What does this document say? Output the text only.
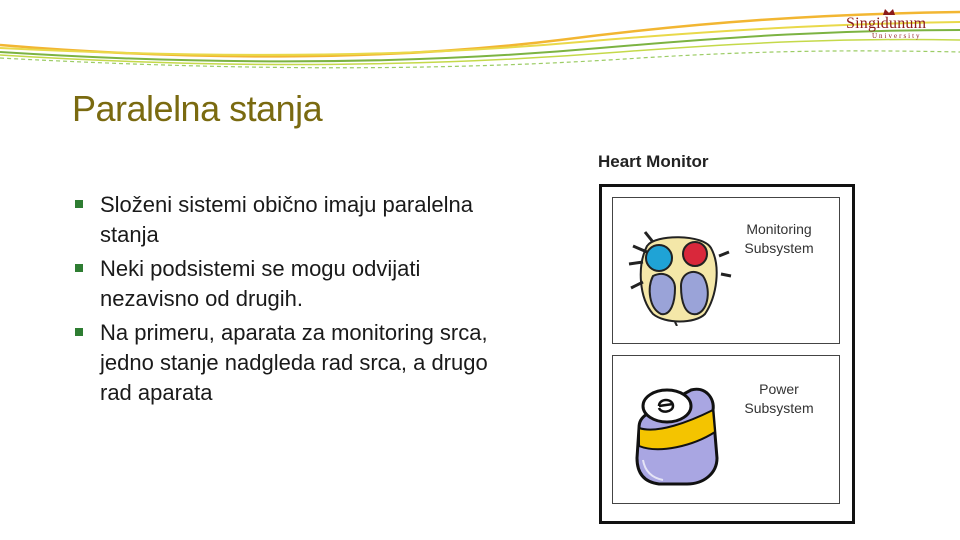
Singidunum
University
Paralelna stanja
Složeni sistemi obično imaju paralelna stanja
Neki podsistemi se mogu odvijati nezavisno od drugih.
Na primeru, aparata za monitoring srca, jedno stanje nadgleda rad srca, a drugo rad aparata
Heart Monitor
Monitoring
Subsystem
Power
Subsystem
